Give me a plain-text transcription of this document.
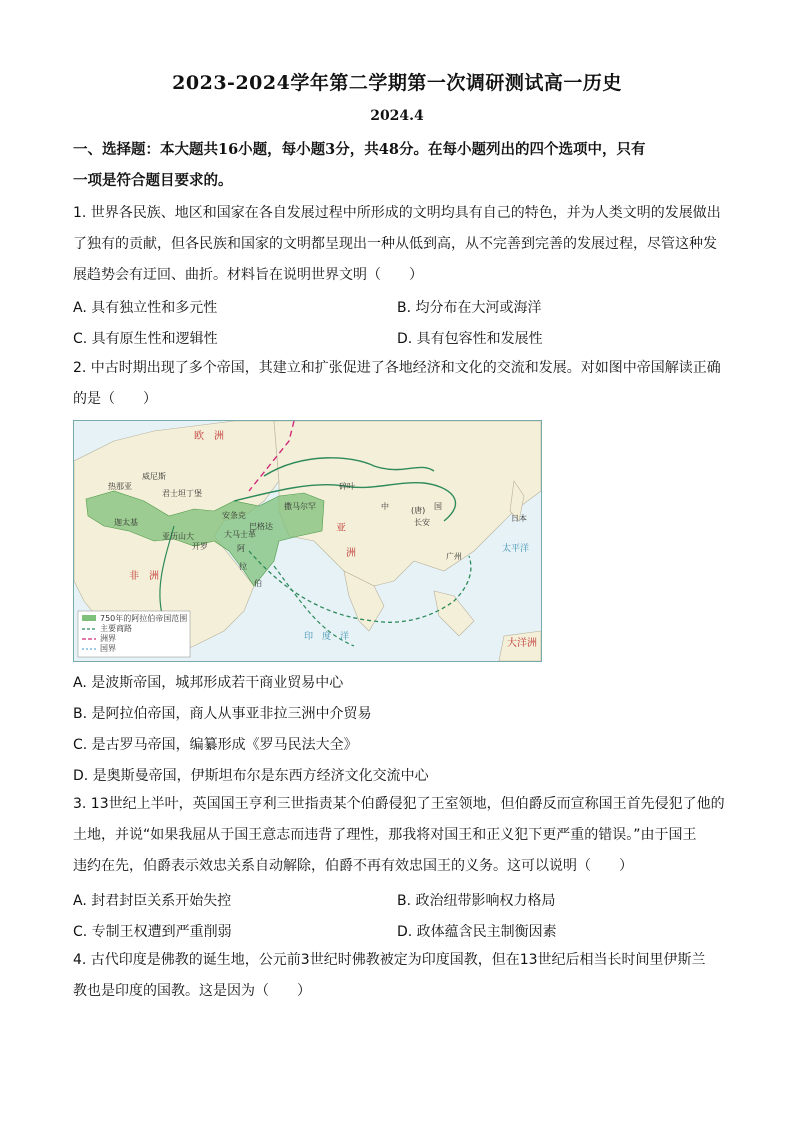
2023-2024学年第二学期第一次调研测试高一历史
2024.4
一、选择题：本大题共16小题，每小题3分，共48分。在每小题列出的四个选项中，只有
一项是符合题目要求的。
1. 世界各民族、地区和国家在各自发展过程中所形成的文明均具有自己的特色，并为人类文明的发展做出
了独有的贡献，但各民族和国家的文明都呈现出一种从低到高，从不完善到完善的发展过程，尽管这种发
展趋势会有迂回、曲折。材料旨在说明世界文明（　　）
A. 具有独立性和多元性	B. 均分布在大河或海洋
C. 具有原生性和逻辑性	D. 具有包容性和发展性
2. 中古时期出现了多个帝国，其建立和扩张促进了各地经济和文化的交流和发展。对如图中帝国解读正确
的是（　　）
欧　洲
非　洲
亚
洲
中	国
阿
拉
伯
印　度　洋
太平洋
大洋洲
日本
热那亚
威尼斯
君士坦丁堡
迦太基
亚历山大
开罗
安条克
巴格达
大马士革
撒马尔罕
碎叶
长安
(唐)
广州
750年的阿拉伯帝国范围
主要商路
洲界
国界
A. 是波斯帝国，城邦形成若干商业贸易中心
B. 是阿拉伯帝国，商人从事亚非拉三洲中介贸易
C. 是古罗马帝国，编纂形成《罗马民法大全》
D. 是奥斯曼帝国，伊斯坦布尔是东西方经济文化交流中心
3. 13世纪上半叶，英国国王亨利三世指责某个伯爵侵犯了王室领地，但伯爵反而宣称国王首先侵犯了他的
土地，并说“如果我屈从于国王意志而违背了理性，那我将对国王和正义犯下更严重的错误。”由于国王
违约在先，伯爵表示效忠关系自动解除，伯爵不再有效忠国王的义务。这可以说明（　　）
A. 封君封臣关系开始失控	B. 政治纽带影响权力格局
C. 专制王权遭到严重削弱	D. 政体蕴含民主制衡因素
4. 古代印度是佛教的诞生地，公元前3世纪时佛教被定为印度国教，但在13世纪后相当长时间里伊斯兰
教也是印度的国教。这是因为（　　）
